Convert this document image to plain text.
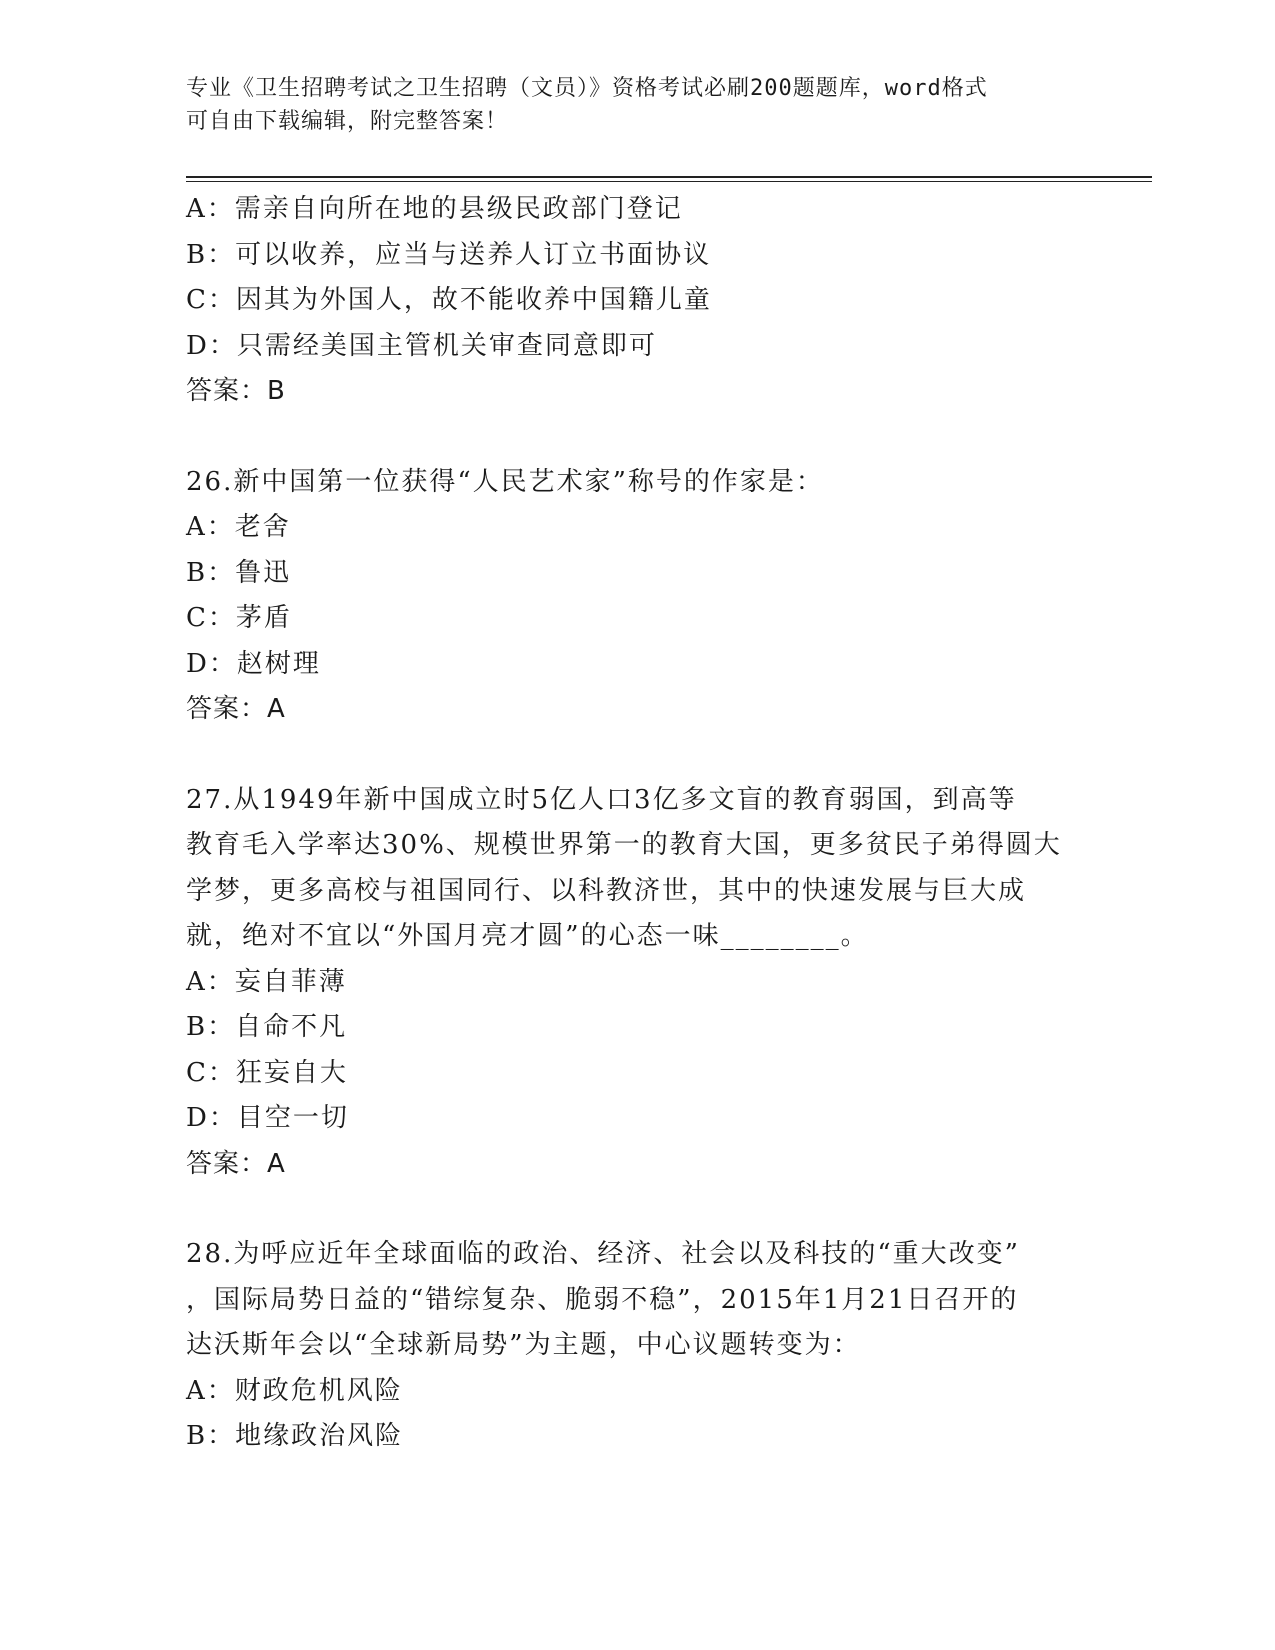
专业《卫生招聘考试之卫生招聘（文员）》资格考试必刷200题题库，word格式
可自由下载编辑，附完整答案！
A：需亲自向所在地的县级民政部门登记
B：可以收养，应当与送养人订立书面协议
C：因其为外国人，故不能收养中国籍儿童
D：只需经美国主管机关审查同意即可
答案：B
26.新中国第一位获得“人民艺术家”称号的作家是：
A：老舍
B：鲁迅
C：茅盾
D：赵树理
答案：A
27.从1949年新中国成立时5亿人口3亿多文盲的教育弱国，到高等
教育毛入学率达30%、规模世界第一的教育大国，更多贫民子弟得圆大
学梦，更多高校与祖国同行、以科教济世，其中的快速发展与巨大成
就，绝对不宜以“外国月亮才圆”的心态一味________。
A：妄自菲薄
B：自命不凡
C：狂妄自大
D：目空一切
答案：A
28.为呼应近年全球面临的政治、经济、社会以及科技的“重大改变”
，国际局势日益的“错综复杂、脆弱不稳”，2015年1月21日召开的
达沃斯年会以“全球新局势”为主题，中心议题转变为：
A：财政危机风险
B：地缘政治风险
